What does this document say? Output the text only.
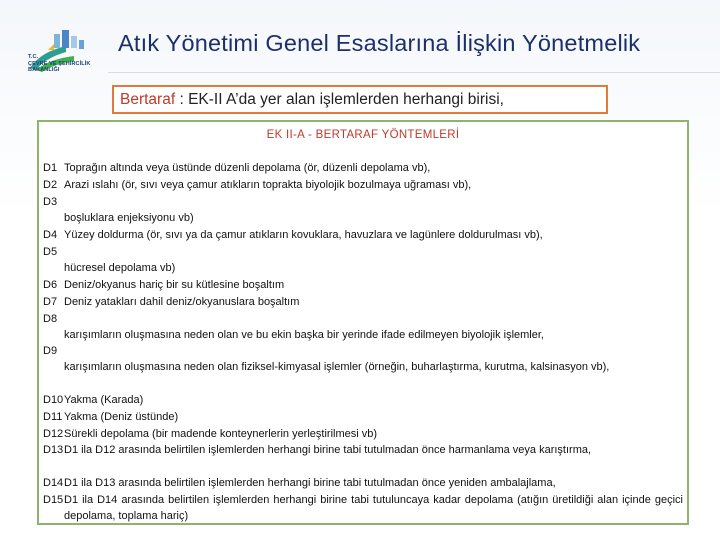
T.C.
ÇEVRE VE ŞEHİRCİLİK
BAKANLIĞI
Atık Yönetimi Genel Esaslarına İlişkin Yönetmelik
Bertaraf : EK-II A’da yer alan işlemlerden herhangi birisi,
EK II-A - BERTARAF YÖNTEMLERİ
D1 Toprağın altında veya üstünde düzenli depolama (ör, düzenli depolama vb),
D2 Arazi ıslahı (ör, sıvı veya çamur atıkların toprakta biyolojik bozulmaya uğraması vb),
D3
boşluklara enjeksiyonu vb)
D4 Yüzey doldurma (ör, sıvı ya da çamur atıkların kovuklara, havuzlara ve lagünlere doldurulması vb),
D5
hücresel depolama vb)
D6 Deniz/okyanus hariç bir su kütlesine boşaltım
D7 Deniz yatakları dahil deniz/okyanuslara boşaltım
D8
karışımların oluşmasına neden olan ve bu ekin başka bir yerinde ifade edilmeyen biyolojik işlemler,
D9
karışımların oluşmasına neden olan fiziksel-kimyasal işlemler (örneğin, buharlaştırma, kurutma, kalsinasyon vb),
D10 Yakma (Karada)
D11 Yakma (Deniz üstünde)
D12 Sürekli depolama (bir madende konteynerlerin yerleştirilmesi vb)
D13 D1 ila D12 arasında belirtilen işlemlerden herhangi birine tabi tutulmadan önce harmanlama veya karıştırma,
D14 D1 ila D13 arasında belirtilen işlemlerden herhangi birine tabi tutulmadan önce yeniden ambalajlama,
D15 D1 ila D14 arasında belirtilen işlemlerden herhangi birine tabi tutuluncaya kadar depolama (atığın üretildiği alan içinde geçici depolama, toplama hariç)
